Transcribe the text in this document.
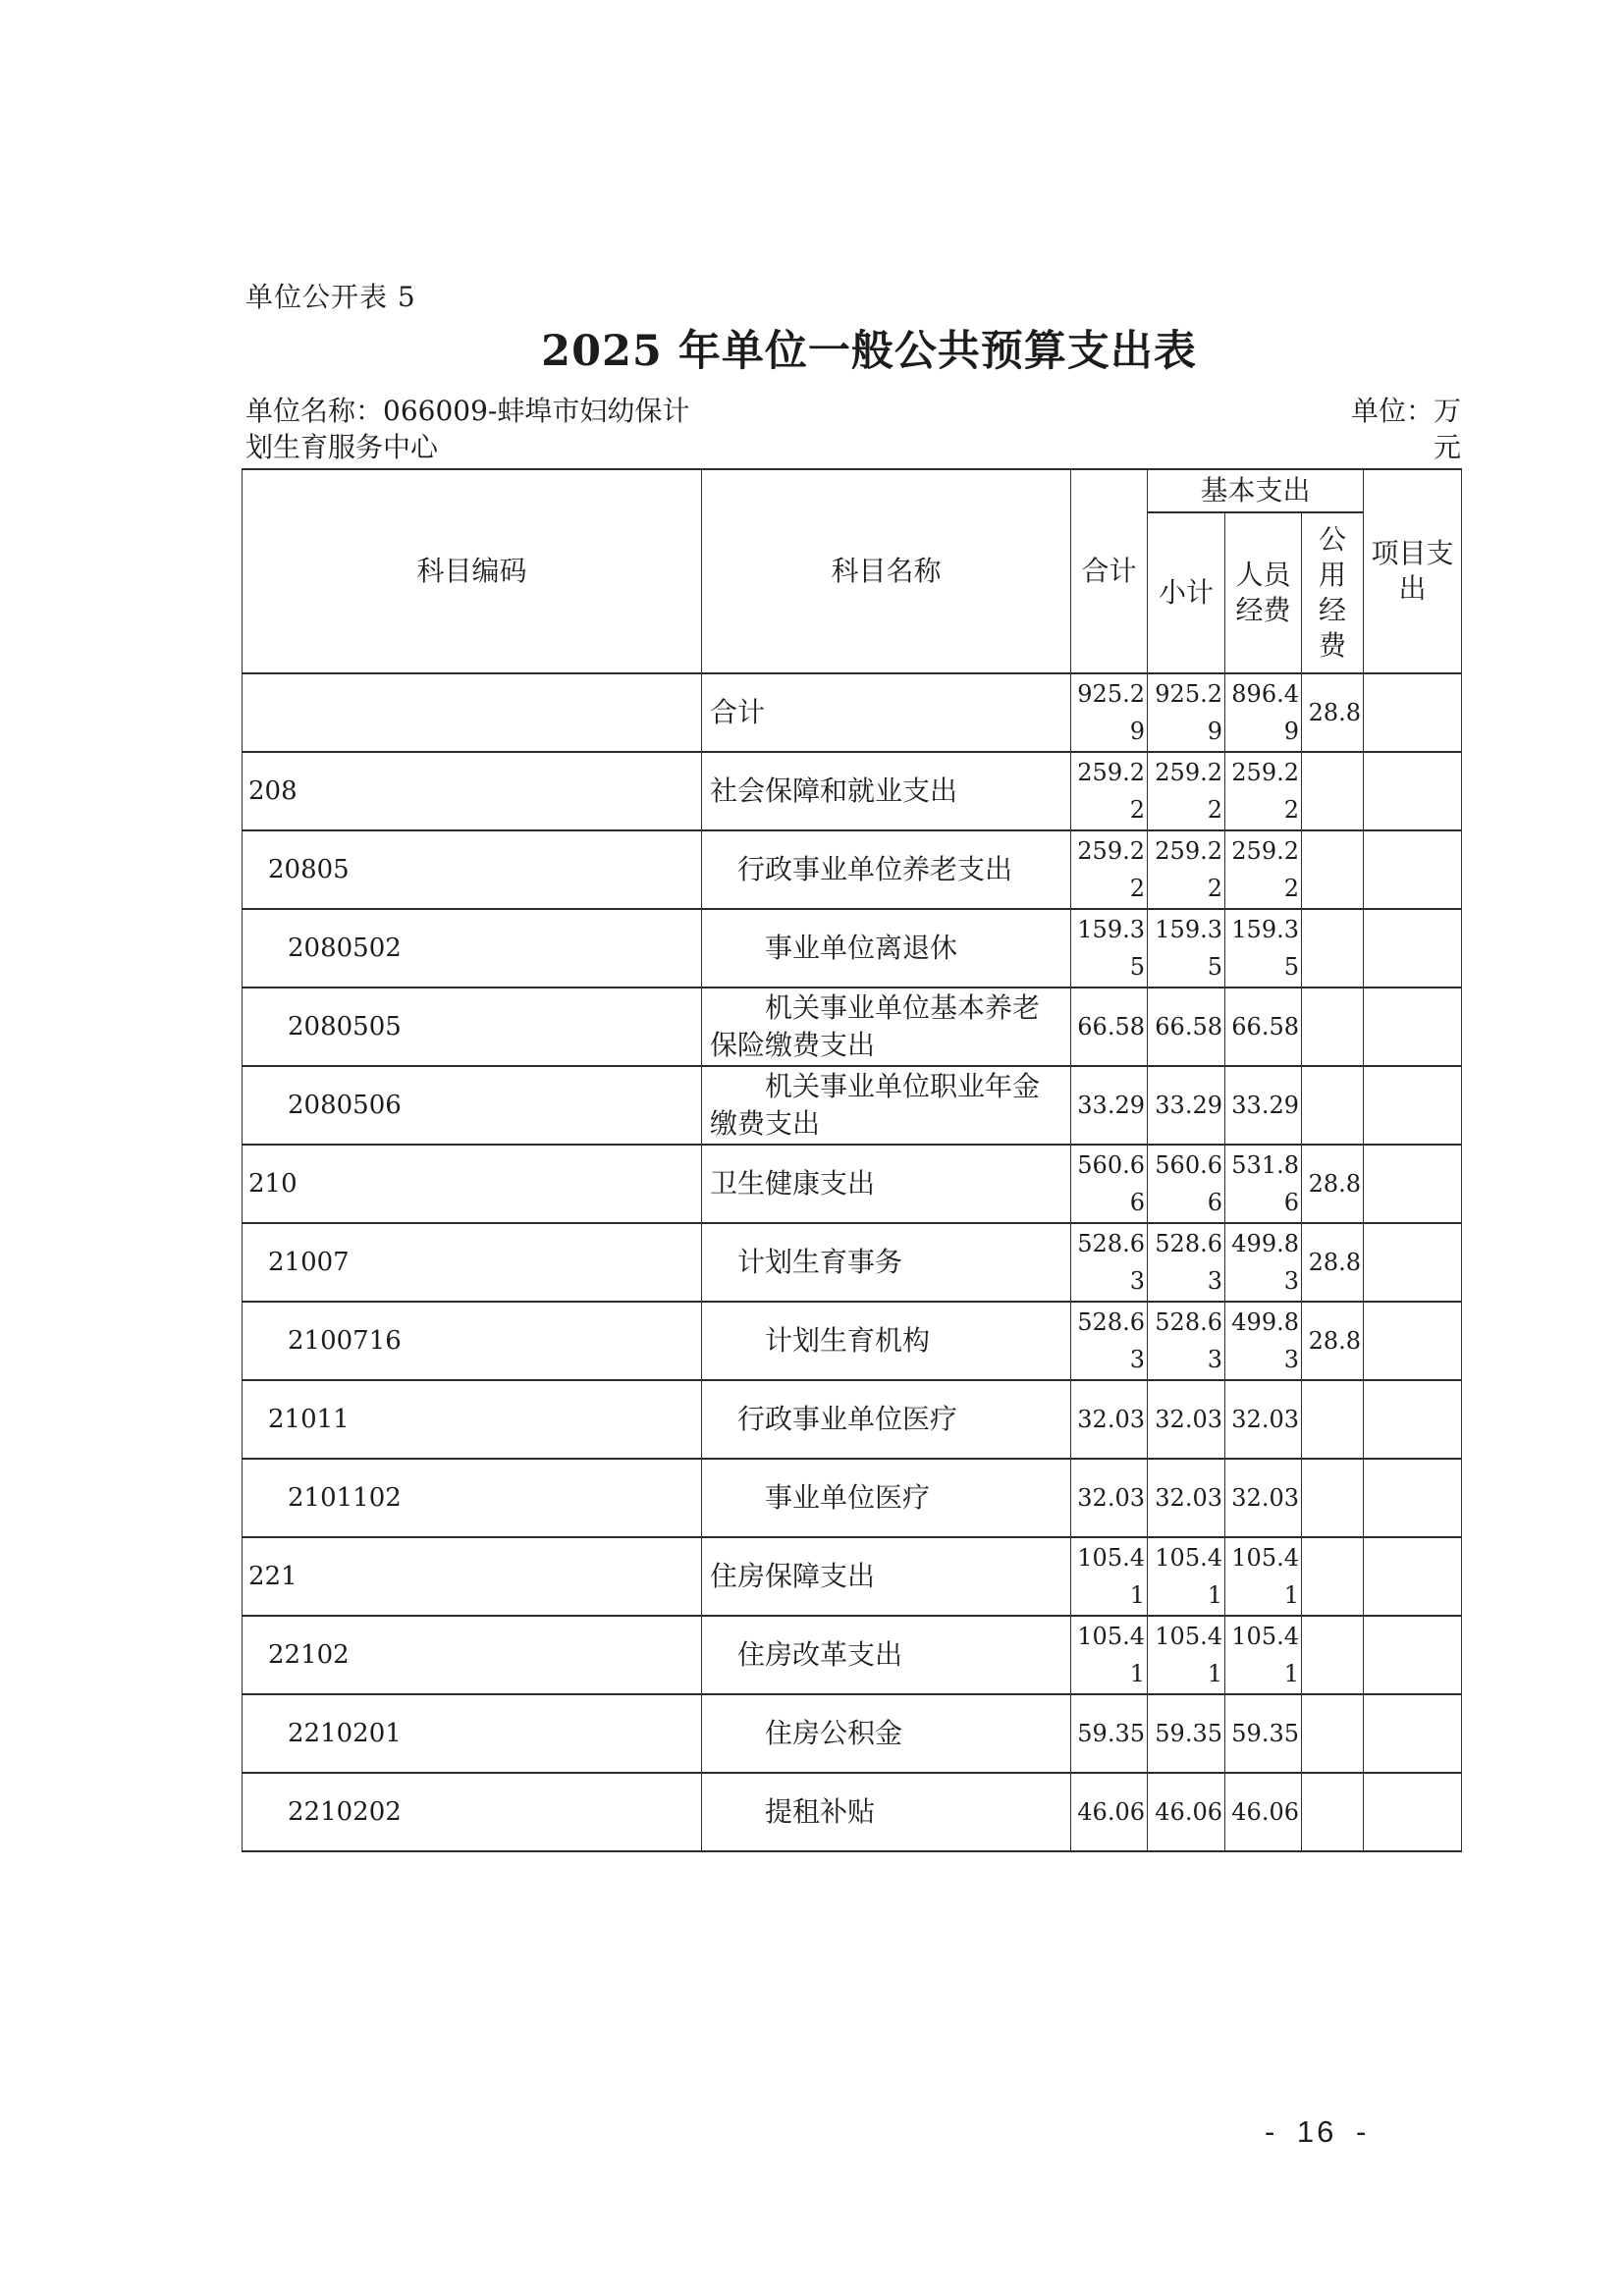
单位公开表 5
2025 年单位一般公共预算支出表
单位名称：066009-蚌埠市妇幼保计划生育服务中心
单位：万元
科目编码	科目名称	合计	基本支出			项目支出
			小计	人员经费	公用经费	
	合计	925.29	925.29	896.49	28.8	
208	社会保障和就业支出	259.22	259.22	259.22		
20805	行政事业单位养老支出	259.22	259.22	259.22		
2080502	事业单位离退休	159.35	159.35	159.35		
2080505	机关事业单位基本养老保险缴费支出	66.58	66.58	66.58		
2080506	机关事业单位职业年金缴费支出	33.29	33.29	33.29		
210	卫生健康支出	560.66	560.66	531.86	28.8	
21007	计划生育事务	528.63	528.63	499.83	28.8	
2100716	计划生育机构	528.63	528.63	499.83	28.8	
21011	行政事业单位医疗	32.03	32.03	32.03		
2101102	事业单位医疗	32.03	32.03	32.03		
221	住房保障支出	105.41	105.41	105.41		
22102	住房改革支出	105.41	105.41	105.41		
2210201	住房公积金	59.35	59.35	59.35		
2210202	提租补贴	46.06	46.06	46.06		
- 16 -
